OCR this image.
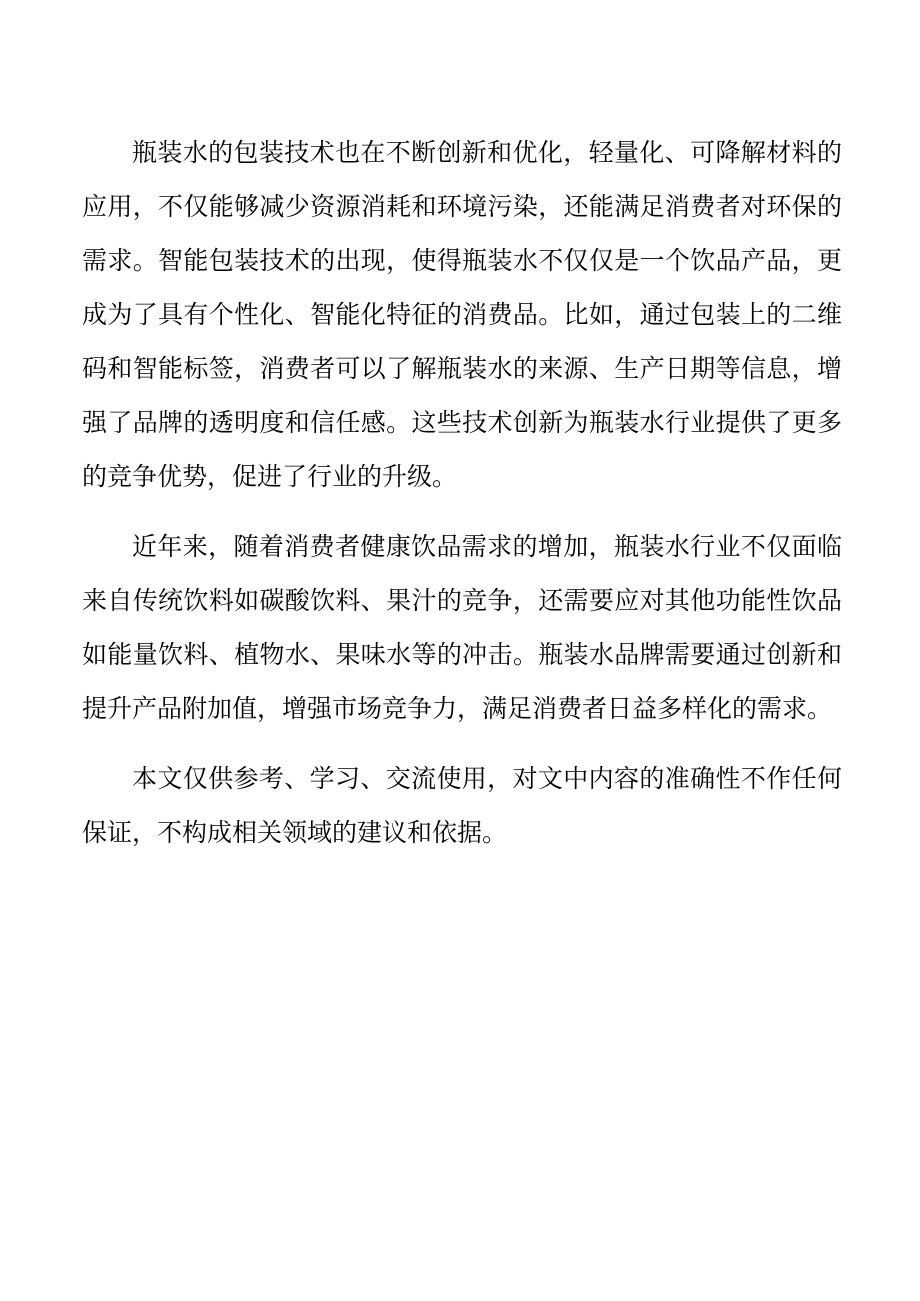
瓶装水的包装技术也在不断创新和优化，轻量化、可降解材料的应用，不仅能够减少资源消耗和环境污染，还能满足消费者对环保的需求。智能包装技术的出现，使得瓶装水不仅仅是一个饮品产品，更成为了具有个性化、智能化特征的消费品。比如，通过包装上的二维码和智能标签，消费者可以了解瓶装水的来源、生产日期等信息，增强了品牌的透明度和信任感。这些技术创新为瓶装水行业提供了更多的竞争优势，促进了行业的升级。

近年来，随着消费者健康饮品需求的增加，瓶装水行业不仅面临来自传统饮料如碳酸饮料、果汁的竞争，还需要应对其他功能性饮品如能量饮料、植物水、果味水等的冲击。瓶装水品牌需要通过创新和提升产品附加值，增强市场竞争力，满足消费者日益多样化的需求。

本文仅供参考、学习、交流使用，对文中内容的准确性不作任何保证，不构成相关领域的建议和依据。
